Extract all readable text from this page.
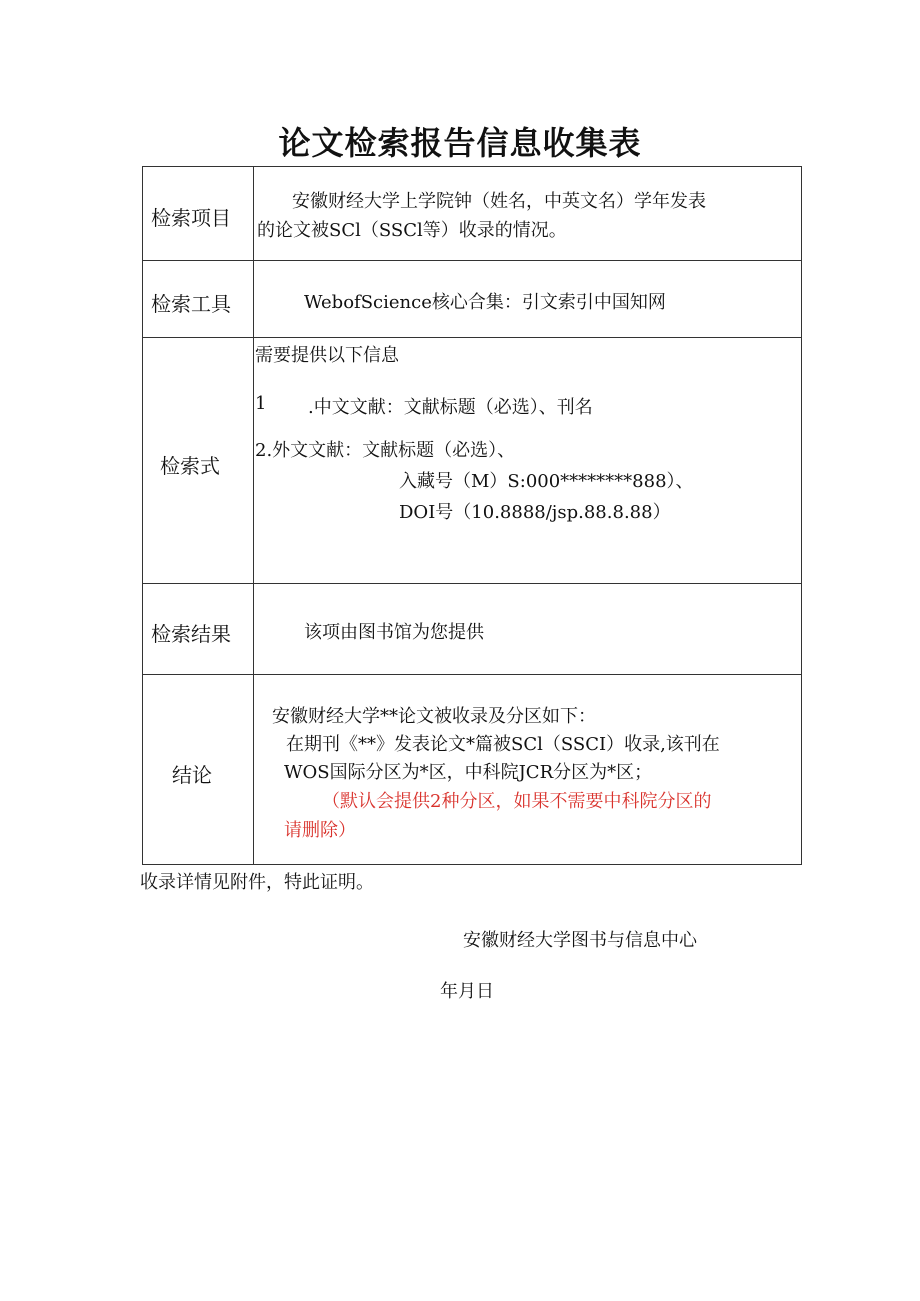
论文检索报告信息收集表
检索项目
安徽财经大学上学院钟（姓名，中英文名）学年发表
的论文被SCl（SSCl等）收录的情况。
检索工具	WebofScience核心合集：引文索引中国知网
检索式
需要提供以下信息
1 .中文文献：文献标题（必选）、刊名
2.外文文献：文献标题（必选）、
入藏号（M）S:000********888）、
DOI号（10.8888/jsp.88.8.88）
检索结果	该项由图书馆为您提供
结论
安徽财经大学**论文被收录及分区如下：
在期刊《**》发表论文*篇被SCl（SSCI）收录,该刊在
WOS国际分区为*区，中科院JCR分区为*区；
（默认会提供2种分区，如果不需要中科院分区的
请删除）
收录详情见附件，特此证明。
安徽财经大学图书与信息中心
年月日
